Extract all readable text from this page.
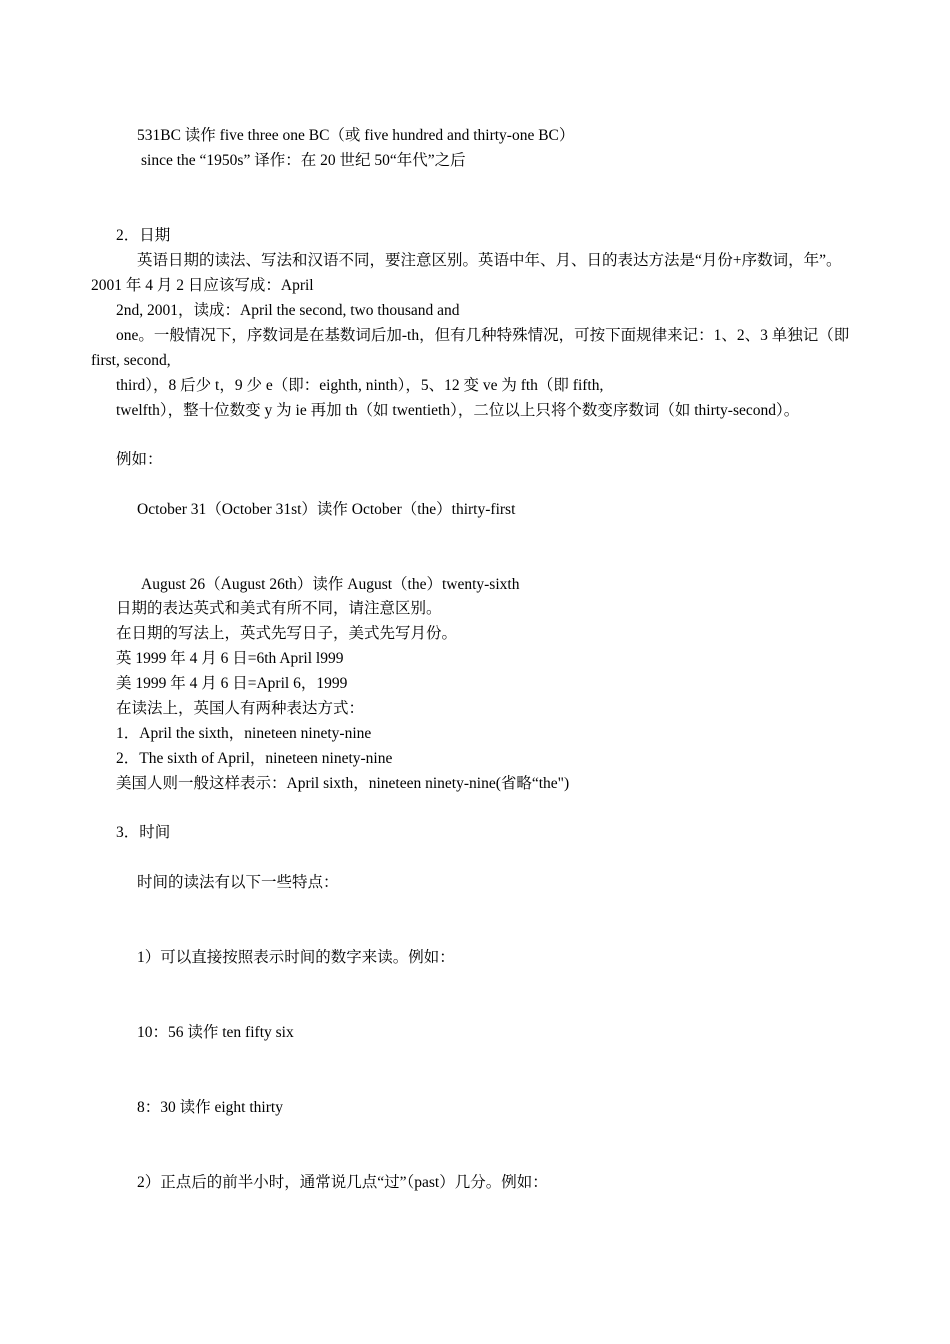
531BC 读作 five three one BC（或 five hundred and thirty-one BC）
since the “1950s” 译作：在 20 世纪 50“年代”之后
2．日期
英语日期的读法、写法和汉语不同，要注意区别。英语中年、月、日的表达方法是“月份+序数词，年”。
2001 年 4 月 2 日应该写成：April
2nd, 2001，读成：April the second, two thousand and
one。一般情况下，序数词是在基数词后加-th，但有几种特殊情况，可按下面规律来记：1、2、3 单独记（即
first, second,
third），8 后少 t，9 少 e（即：eighth, ninth），5、12 变 ve 为 fth（即 fifth,
twelfth），整十位数变 y 为 ie 再加 th（如 twentieth），二位以上只将个数变序数词（如 thirty-second）。
例如：
October 31（October 31st）读作 October（the）thirty-first
August 26（August 26th）读作 August（the）twenty-sixth
日期的表达英式和美式有所不同，请注意区别。
在日期的写法上，英式先写日子，美式先写月份。
英 1999 年 4 月 6 日=6th April l999
美 1999 年 4 月 6 日=April 6，1999
在读法上，英国人有两种表达方式：
1．April the sixth，nineteen ninety-nine
2．The sixth of April，nineteen ninety-nine
美国人则一般这样表示：April sixth，nineteen ninety-nine(省略“the")
3．时间
时间的读法有以下一些特点：
1）可以直接按照表示时间的数字来读。例如：
10：56 读作 ten fifty six
8：30 读作 eight thirty
2）正点后的前半小时，通常说几点“过”（past）几分。例如：
